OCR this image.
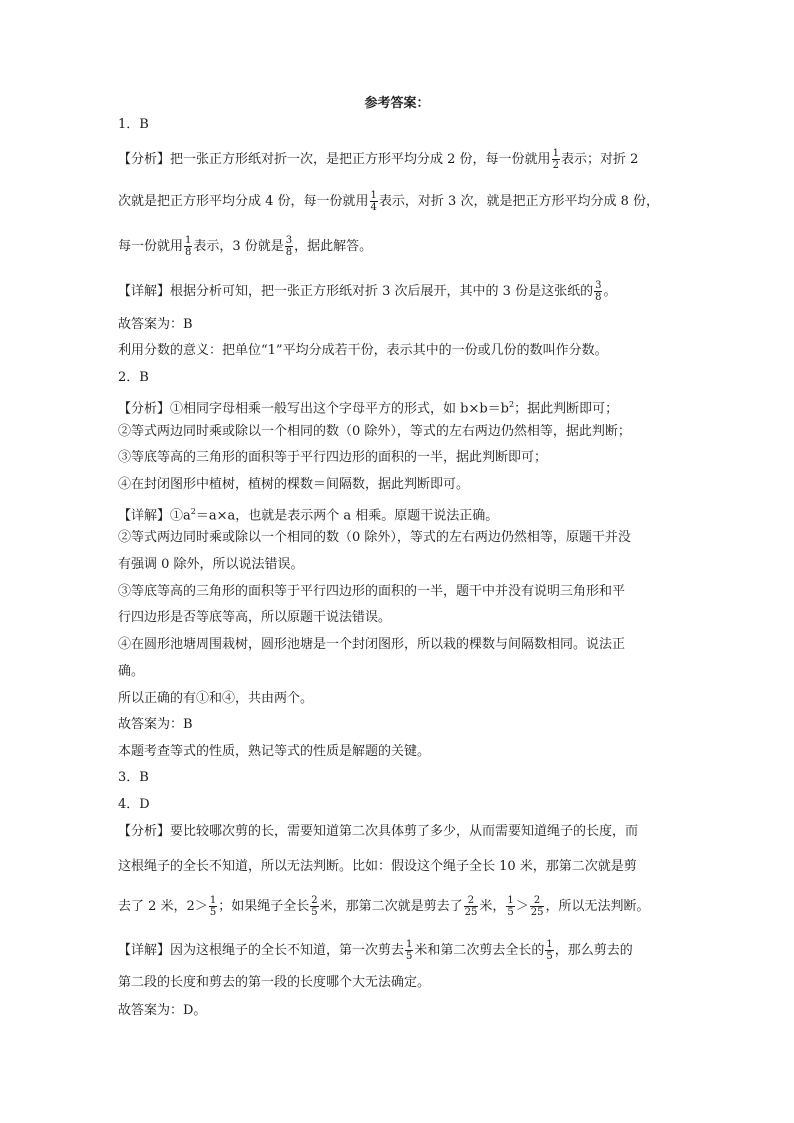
参考答案：
1．B
【分析】把一张正方形纸对折一次，是把正方形平均分成 2 份，每一份就用 $\frac{1}{2}$ 表示；对折 2
次就是把正方形平均分成 4 份，每一份就用 $\frac{1}{4}$ 表示，对折 3 次，就是把正方形平均分成 8 份，
每一份就用 $\frac{1}{8}$ 表示，3 份就是 $\frac{3}{8}$ ，据此解答。
【详解】根据分析可知，把一张正方形纸对折 3 次后展开，其中的 3 份是这张纸的 $\frac{3}{8}$ 。
故答案为：B
利用分数的意义：把单位“1”平均分成若干份，表示其中的一份或几份的数叫作分数。
2．B
【分析】①相同字母相乘一般写出这个字母平方的形式，如 $b\times b=b^2$；据此判断即可；
②等式两边同时乘或除以一个相同的数（0 除外），等式的左右两边仍然相等，据此判断；
③等底等高的三角形的面积等于平行四边形的面积的一半，据此判断即可；
④在封闭图形中植树，植树的棵数＝间隔数，据此判断即可。
【详解】$①a^2=a\times a$，也就是表示两个 a 相乘。原题干说法正确。
②等式两边同时乘或除以一个相同的数（0 除外），等式的左右两边仍然相等，原题干并没
有强调 0 除外，所以说法错误。
③等底等高的三角形的面积等于平行四边形的面积的一半，题干中并没有说明三角形和平
行四边形是否等底等高，所以原题干说法错误。
④在圆形池塘周围栽树，圆形池塘是一个封闭图形，所以栽的棵数与间隔数相同。说法正
确。
所以正确的有①和④，共由两个。
故答案为：B
本题考查等式的性质，熟记等式的性质是解题的关键。
3．B
4．D
【分析】要比较哪次剪的长，需要知道第二次具体剪了多少，从而需要知道绳子的长度，而
这根绳子的全长不知道，所以无法判断。比如：假设这个绳子全长 10 米，那第二次就是剪
去了 2 米，$2> \frac{1}{5}$ ；如果绳子全长 $\frac{2}{5}$ 米，那第二次就是剪去了 $\frac{2}{25}$ 米， $\frac{1}{5} > \frac{2}{25}$ ，所以无法判断。
【详解】因为这根绳子的全长不知道，第一次剪去 $\frac{1}{5}$ 米和第二次剪去全长的 $\frac{1}{5}$ ，那么剪去的
第二段的长度和剪去的第一段的长度哪个大无法确定。
故答案为：D。
